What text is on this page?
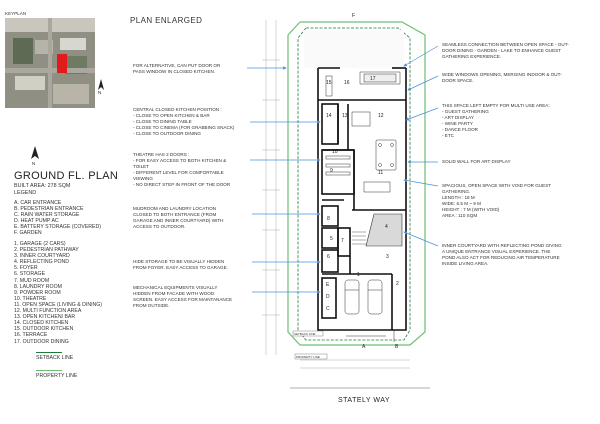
KEYPLAN
N
N
PLAN ENLARGED
GROUND FL. PLAN
BUILT AREA: 278 SQM
LEGEND

A. CAR ENTRANCE

B. PEDESTRIAN ENTRANCE

C. RAIN WATER STORAGE

D. HEAT PUMP AC

E. BATTERY STORAGE (COVERED)

F. GARDEN

1. GARAGE (2 CARS)

2. PEDESTRIAN PATHWAY

3. INNER COURTYARD

4. REFLECTING POND

5. FOYER

6. STORAGE

7. MUD ROOM

8. LAUNDRY ROOM

9. POWDER ROOM

10. THEATRE

11. OPEN SPACE (LIVING & DINING)

12. MULTI FUNCTION AREA

13. OPEN KITCHEN/ BAR

14. CLOSED KITCHEN

15. OUTDOOR KITCHEN

16. TERRACE

17. OUTDOOR DINING

SETBACK LINE
PROPERTY LINE

FOR ALTERNATIVE, CAN PUT DOOR OR

PASS WINDOW IN CLOSED KITCHEN.

CENTRAL CLOSED KITCHEN POSITION :

- CLOSE TO OPEN KITCHEN & BAR

- CLOSE TO DINING TABLE

- CLOSE TO CINEMA (FOR GRABBING SNACK)

- CLOSE TO OUTDOOR DINING

THEATRE HAS 2 DOORS :

- FOR EASY ACCESS TO BOTH KITCHEN &

TOILET

- DIFFERENT LEVEL FOR COMFORTABLE

VIEWING

- NO DIRECT STEP IN FRONT OF THE DOOR

MUDROOM AND LAUNDRY LOCATION

CLOSED TO BOTH ENTRANCE (FROM

GARAGE AND INNER COURTYARD) WITH

ACCESS TO OUTDOOR.

HIDE STORAGE TO BE VISUALLY HIDDEN

FROM FOYER. EASY ACCESS TO GARAGE.

MECHANICAL EQUIPMENTS VISUALLY

HIDDEN FROM FACADE WITH WOOD

SCREEN. EASY ACCESS FOR MAINTANANCE

FROM OUTSIDE.

SEAMLESS CONNECTION BETWEEN OPEN SPACE - OUT-

DOOR DINING - GARDEN - LAKE TO ENHANCE GUEST

GATHERING EXPERIENCE.

WIDE WINDOWS OPENING, MERGING INDOOR & OUT-

DOOR SPACE.

THIS SPACE LEFT EMPTY FOR MULTI USE AREA:

- GUEST GATHERING

- ART DISPLAY

- WINE PARTY

- DANCE FLOOR

- ETC

SOLID WALL FOR ART DISPLAY

SPACIOUS, OPEN SPACE WITH VOID FOR GUEST

GATHERING.

LENGTH : 18 M

WIDE: 6.5 M ~ 9 M

HEIGHT : 7 M (WITH VOID)

AREA : 110 SQM

INNER COURTYARD WITH REFLECTING POND GIVING

A UNIQUE ENTRANCE VISUAL EXPERIENCE. THE

POND ALSO ACT FOR REDUCING AIR TEMPERATURE

INSIDE LIVING AREA.

F
15 16
17
14 13	12
10
9	11
8
7
5
6
4
3
2
1
E
D
C
A	B
SETBACK LINE
PROPERTY LINE
STATELY WAY
